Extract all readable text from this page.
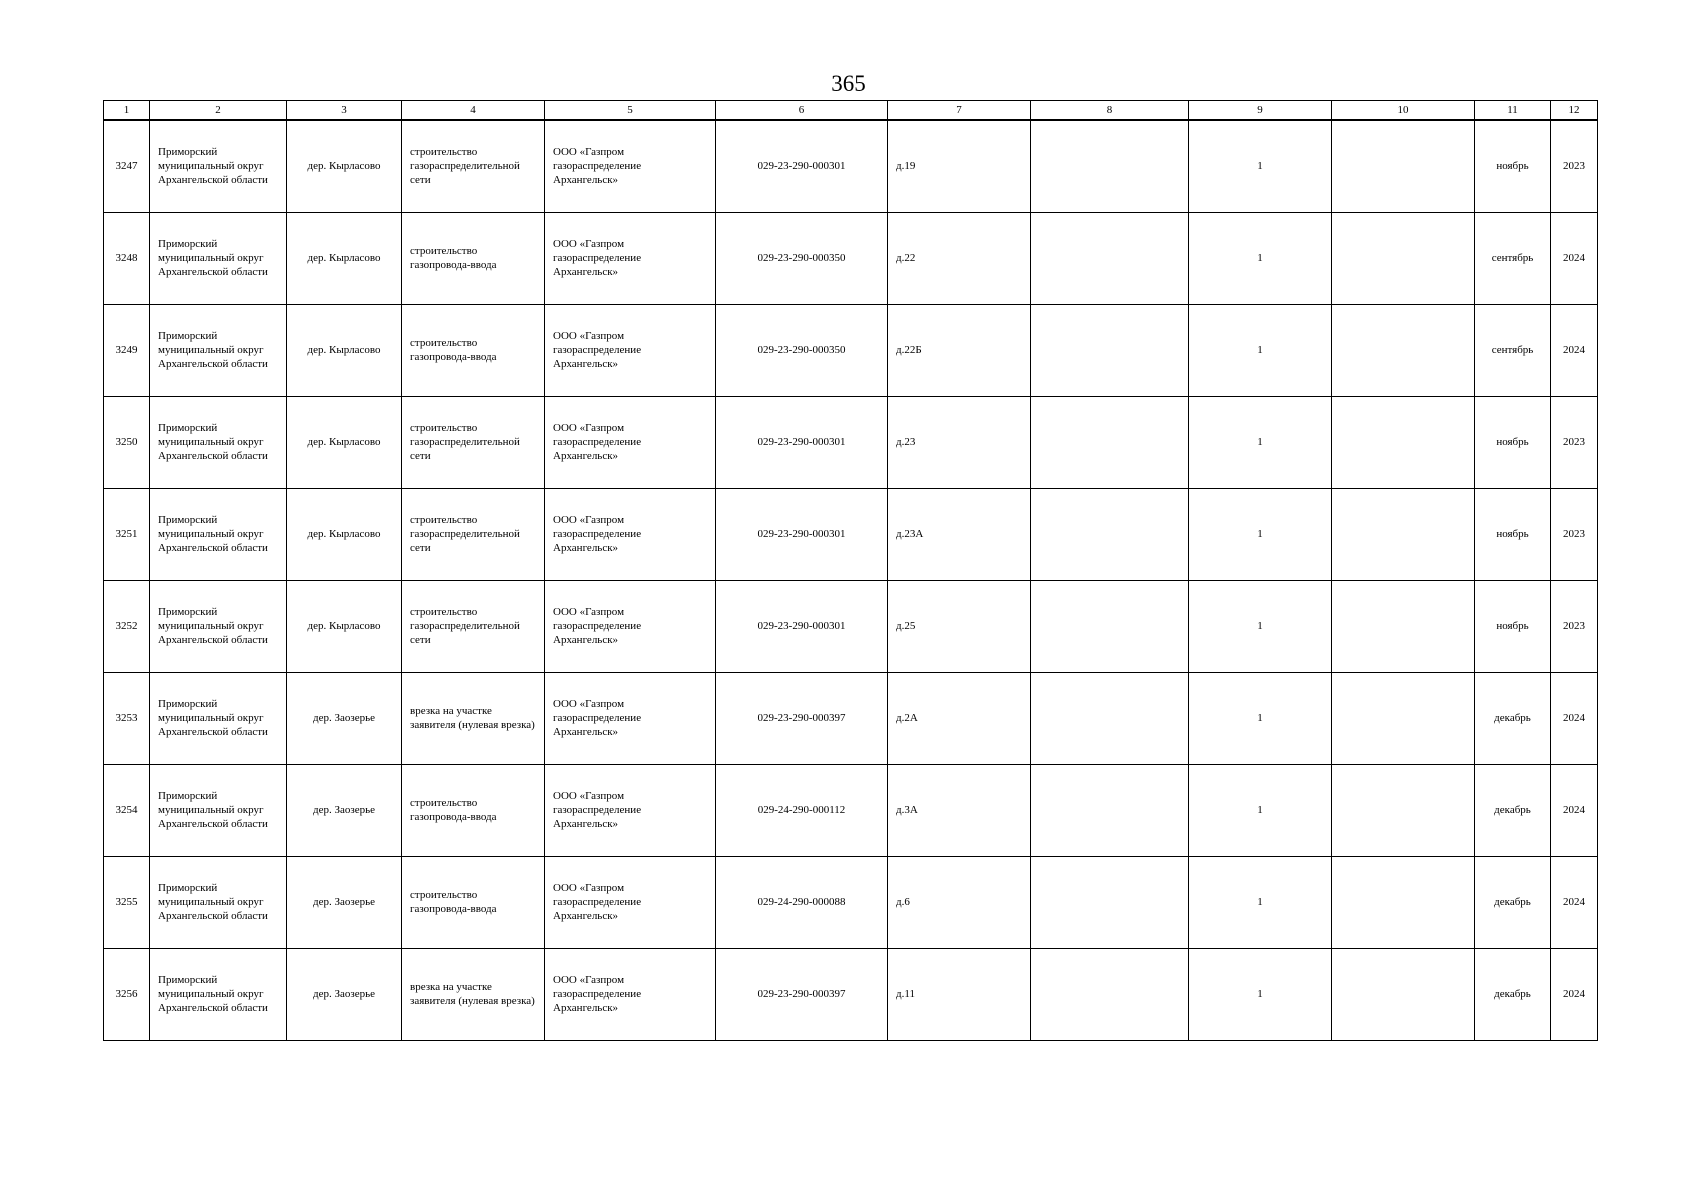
365
1	2	3	4	5	6	7	8	9	10	11	12
3247	Приморский муниципальный округ Архангельской области	дер. Кырласово	строительство газораспределительной сети	ООО «Газпром газораспределение Архангельск»	029-23-290-000301	д.19		1		ноябрь	2023
3248	Приморский муниципальный округ Архангельской области	дер. Кырласово	строительство газопровода-ввода	ООО «Газпром газораспределение Архангельск»	029-23-290-000350	д.22		1		сентябрь	2024
3249	Приморский муниципальный округ Архангельской области	дер. Кырласово	строительство газопровода-ввода	ООО «Газпром газораспределение Архангельск»	029-23-290-000350	д.22Б		1		сентябрь	2024
3250	Приморский муниципальный округ Архангельской области	дер. Кырласово	строительство газораспределительной сети	ООО «Газпром газораспределение Архангельск»	029-23-290-000301	д.23		1		ноябрь	2023
3251	Приморский муниципальный округ Архангельской области	дер. Кырласово	строительство газораспределительной сети	ООО «Газпром газораспределение Архангельск»	029-23-290-000301	д.23А		1		ноябрь	2023
3252	Приморский муниципальный округ Архангельской области	дер. Кырласово	строительство газораспределительной сети	ООО «Газпром газораспределение Архангельск»	029-23-290-000301	д.25		1		ноябрь	2023
3253	Приморский муниципальный округ Архангельской области	дер. Заозерье	врезка на участке заявителя (нулевая врезка)	ООО «Газпром газораспределение Архангельск»	029-23-290-000397	д.2А		1		декабрь	2024
3254	Приморский муниципальный округ Архангельской области	дер. Заозерье	строительство газопровода-ввода	ООО «Газпром газораспределение Архангельск»	029-24-290-000112	д.3А		1		декабрь	2024
3255	Приморский муниципальный округ Архангельской области	дер. Заозерье	строительство газопровода-ввода	ООО «Газпром газораспределение Архангельск»	029-24-290-000088	д.6		1		декабрь	2024
3256	Приморский муниципальный округ Архангельской области	дер. Заозерье	врезка на участке заявителя (нулевая врезка)	ООО «Газпром газораспределение Архангельск»	029-23-290-000397	д.11		1		декабрь	2024
